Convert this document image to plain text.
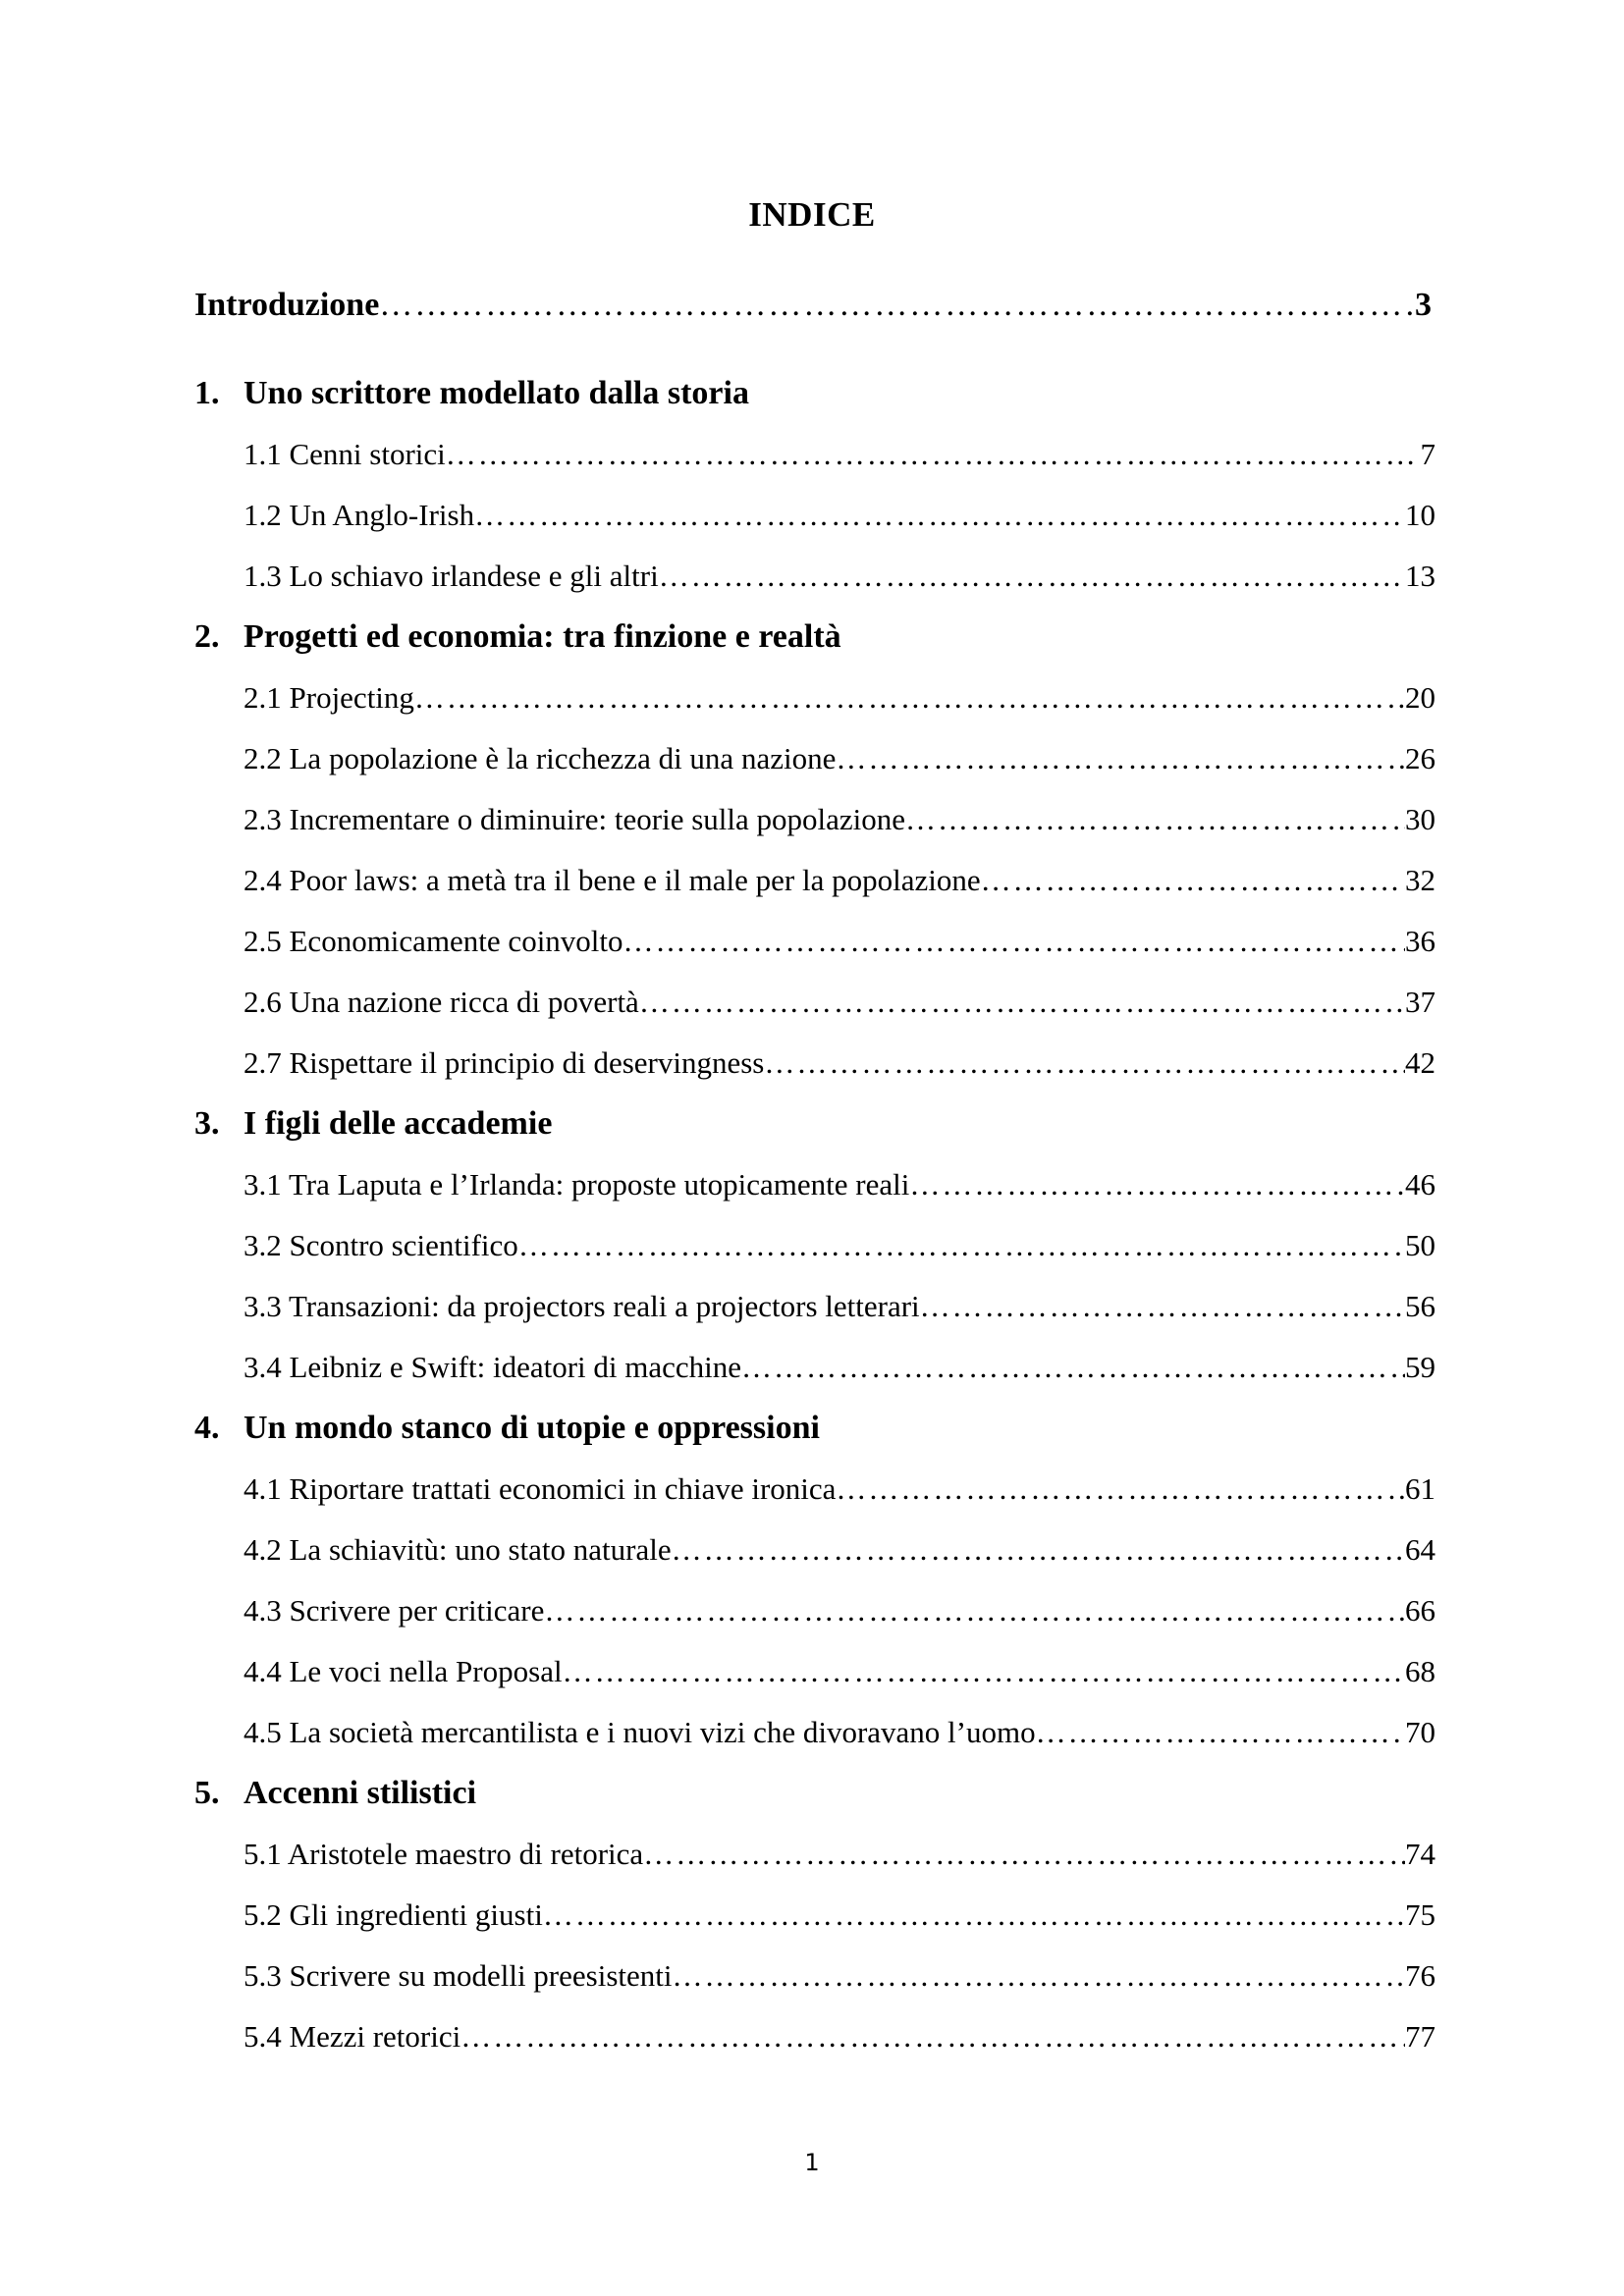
INDICE
Introduzione ………………………………………………………………………………………………………………………………………………………………………………………………………………	3
1. Uno scrittore modellato dalla storia
1.1 Cenni storici ………………………………………………………………………………………………………………………………………………………………………………………………………………	7
1.2 Un Anglo-Irish ………………………………………………………………………………………………………………………………………………………………………………………………………………	10
1.3 Lo schiavo irlandese e gli altri ………………………………………………………………………………………………………………………………………………………………………………………………………………	13
2. Progetti ed economia: tra finzione e realtà
2.1 Projecting ………………………………………………………………………………………………………………………………………………………………………………………………………………	20
2.2 La popolazione è la ricchezza di una nazione ………………………………………………………………………………………………………………………………………………………………………………………………………………	26
2.3 Incrementare o diminuire: teorie sulla popolazione ………………………………………………………………………………………………………………………………………………………………………………………………………………	30
2.4 Poor laws: a metà tra il bene e il male per la popolazione ………………………………………………………………………………………………………………………………………………………………………………………………………………	32
2.5 Economicamente coinvolto ………………………………………………………………………………………………………………………………………………………………………………………………………………	36
2.6 Una nazione ricca di povertà ………………………………………………………………………………………………………………………………………………………………………………………………………………	37
2.7 Rispettare il principio di deservingness ………………………………………………………………………………………………………………………………………………………………………………………………………………	42
3. I figli delle accademie
3.1 Tra Laputa e l’Irlanda: proposte utopicamente reali ………………………………………………………………………………………………………………………………………………………………………………………………………………	46
3.2 Scontro scientifico ………………………………………………………………………………………………………………………………………………………………………………………………………………	50
3.3 Transazioni: da projectors reali a projectors letterari ………………………………………………………………………………………………………………………………………………………………………………………………………………	56
3.4 Leibniz e Swift: ideatori di macchine ………………………………………………………………………………………………………………………………………………………………………………………………………………	59
4. Un mondo stanco di utopie e oppressioni
4.1 Riportare trattati economici in chiave ironica ………………………………………………………………………………………………………………………………………………………………………………………………………………	61
4.2 La schiavitù: uno stato naturale ………………………………………………………………………………………………………………………………………………………………………………………………………………	64
4.3 Scrivere per criticare ………………………………………………………………………………………………………………………………………………………………………………………………………………	66
4.4 Le voci nella Proposal ………………………………………………………………………………………………………………………………………………………………………………………………………………	68
4.5 La società mercantilista e i nuovi vizi che divoravano l’uomo ………………………………………………………………………………………………………………………………………………………………………………………………………………	70
5. Accenni stilistici
5.1 Aristotele maestro di retorica ………………………………………………………………………………………………………………………………………………………………………………………………………………	74
5.2 Gli ingredienti giusti ………………………………………………………………………………………………………………………………………………………………………………………………………………	75
5.3 Scrivere su modelli preesistenti ………………………………………………………………………………………………………………………………………………………………………………………………………………	76
5.4 Mezzi retorici ………………………………………………………………………………………………………………………………………………………………………………………………………………	77
1
